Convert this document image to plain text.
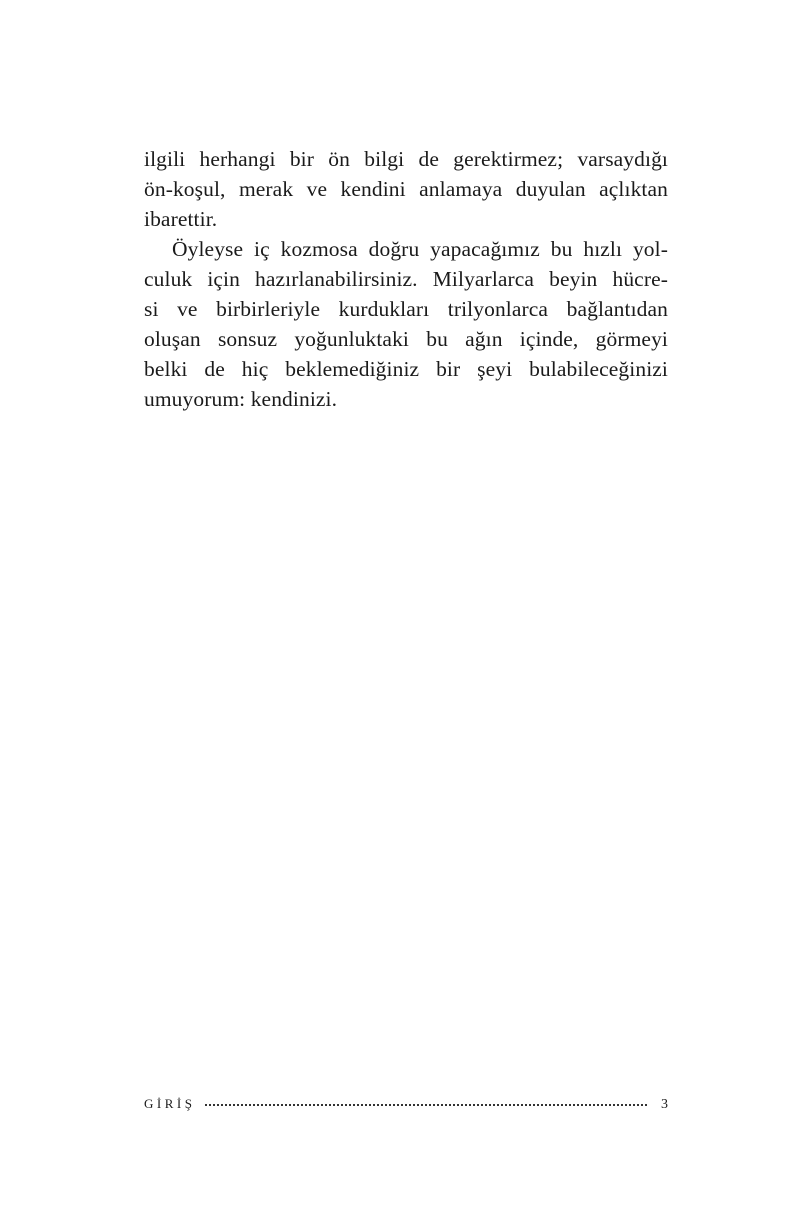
ilgili herhangi bir ön bilgi de gerektirmez; varsaydığı
ön-koşul, merak ve kendini anlamaya duyulan açlıktan
ibarettir.
Öyleyse iç kozmosa doğru yapacağımız bu hızlı yol-
culuk için hazırlanabilirsiniz. Milyarlarca beyin hücre-
si ve birbirleriyle kurdukları trilyonlarca bağlantıdan
oluşan sonsuz yoğunluktaki bu ağın içinde, görmeyi
belki de hiç beklemediğiniz bir şeyi bulabileceğinizi
umuyorum: kendinizi.
GİRİŞ	3
